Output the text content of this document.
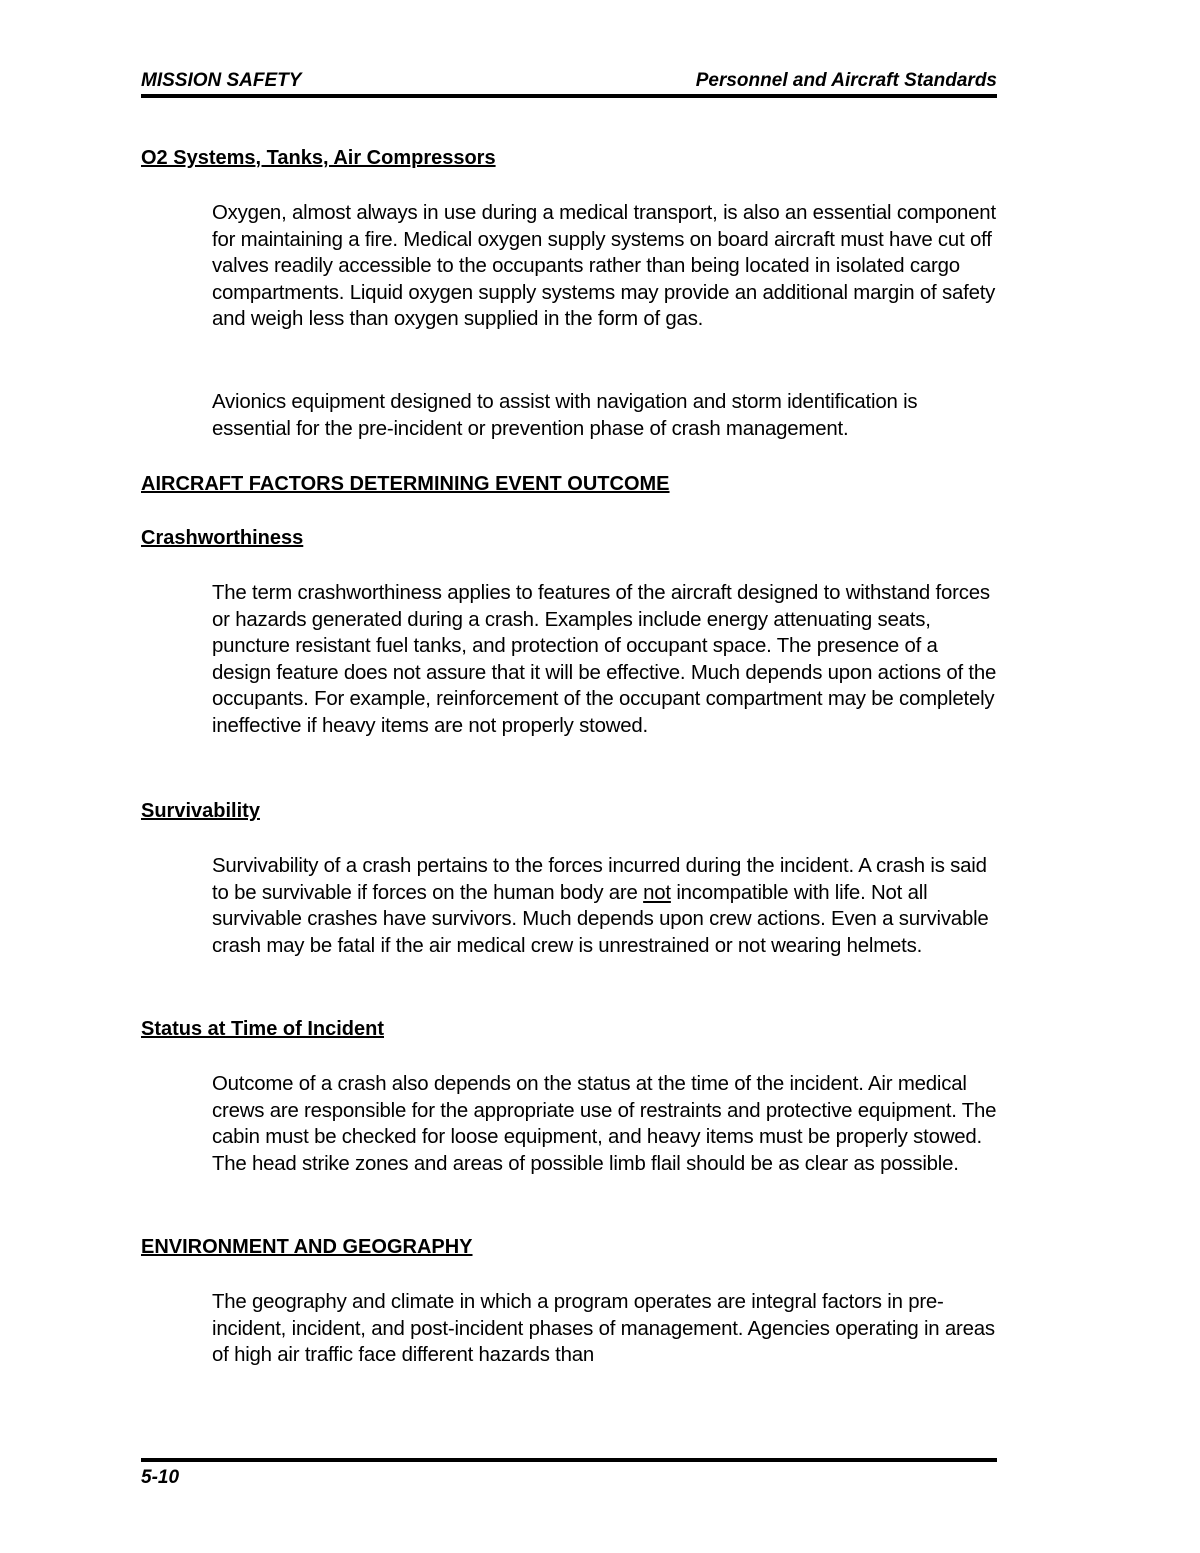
MISSION SAFETY	Personnel and Aircraft Standards
O2 Systems, Tanks, Air Compressors

Oxygen, almost always in use during a medical transport, is also an essential component for maintaining a fire. Medical oxygen supply systems on board aircraft must have cut off valves readily accessible to the occupants rather than being located in isolated cargo compartments. Liquid oxygen supply systems may provide an additional margin of safety and weigh less than oxygen supplied in the form of gas.

Avionics equipment designed to assist with navigation and storm identification is essential for the pre-incident or prevention phase of crash management.

AIRCRAFT FACTORS DETERMINING EVENT OUTCOME
Crashworthiness

The term crashworthiness applies to features of the aircraft designed to withstand forces or hazards generated during a crash. Examples include energy attenuating seats, puncture resistant fuel tanks, and protection of occupant space. The presence of a design feature does not assure that it will be effective. Much depends upon actions of the occupants. For example, reinforcement of the occupant compartment may be completely ineffective if heavy items are not properly stowed.

Survivability

Survivability of a crash pertains to the forces incurred during the incident. A crash is said to be survivable if forces on the human body are not incompatible with life. Not all survivable crashes have survivors. Much depends upon crew actions. Even a survivable crash may be fatal if the air medical crew is unrestrained or not wearing helmets.

Status at Time of Incident

Outcome of a crash also depends on the status at the time of the incident. Air medical crews are responsible for the appropriate use of restraints and protective equipment. The cabin must be checked for loose equipment, and heavy items must be properly stowed. The head strike zones and areas of possible limb flail should be as clear as possible.

ENVIRONMENT AND GEOGRAPHY

The geography and climate in which a program operates are integral factors in pre-incident, incident, and post-incident phases of management. Agencies operating in areas of high air traffic face different hazards than

5-10
